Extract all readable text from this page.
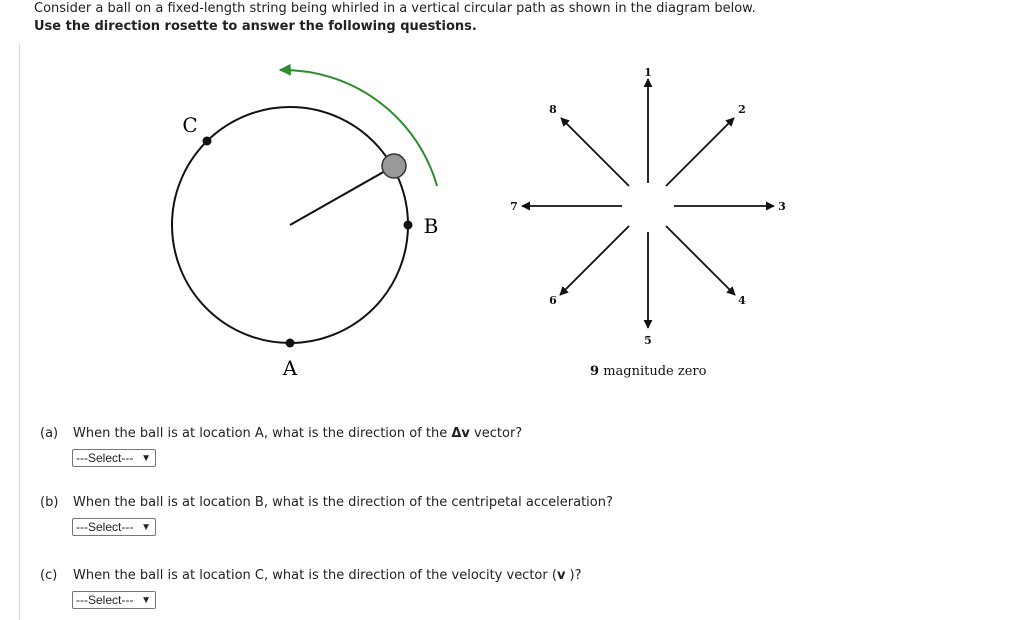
Consider a ball on a fixed-length string being whirled in a vertical circular path as shown in the diagram below.
Use the direction rosette to answer the following questions.
A
B
C
1
2
3
4
5
6
7
8
9 magnitude zero
(a) When the ball is at location A, what is the direction of the Δv vector?
---Select--- ▼
(b) When the ball is at location B, what is the direction of the centripetal acceleration?
---Select--- ▼
(c) When the ball is at location C, what is the direction of the velocity vector (v )?
---Select--- ▼
